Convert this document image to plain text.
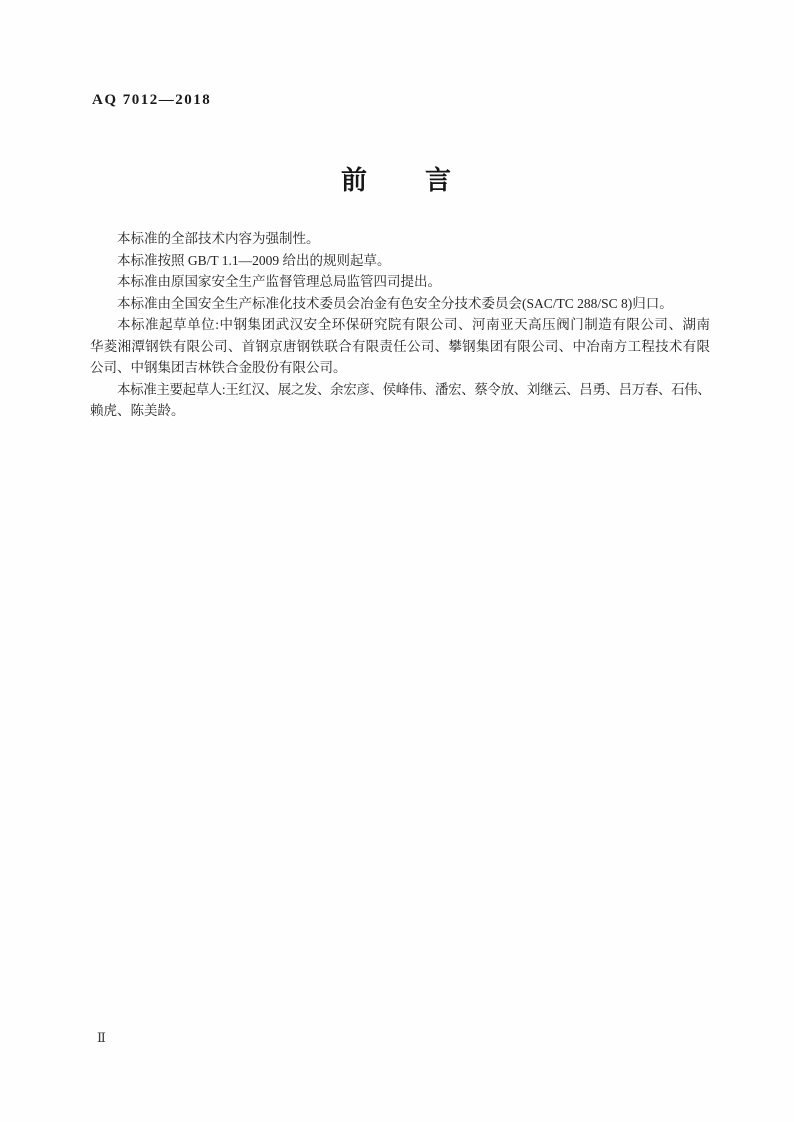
AQ 7012—2018
前　　言
本标准的全部技术内容为强制性。
本标准按照 GB/T 1.1—2009 给出的规则起草。
本标准由原国家安全生产监督管理总局监管四司提出。
本标准由全国安全生产标准化技术委员会冶金有色安全分技术委员会(SAC/TC 288/SC 8)归口。
本标准起草单位:中钢集团武汉安全环保研究院有限公司、河南亚天高压阀门制造有限公司、湖南
华菱湘潭钢铁有限公司、首钢京唐钢铁联合有限责任公司、攀钢集团有限公司、中冶南方工程技术有限
公司、中钢集团吉林铁合金股份有限公司。
本标准主要起草人:王红汉、展之发、余宏彦、侯峰伟、潘宏、蔡令放、刘继云、吕勇、吕万春、石伟、
赖虎、陈美龄。
Ⅱ
